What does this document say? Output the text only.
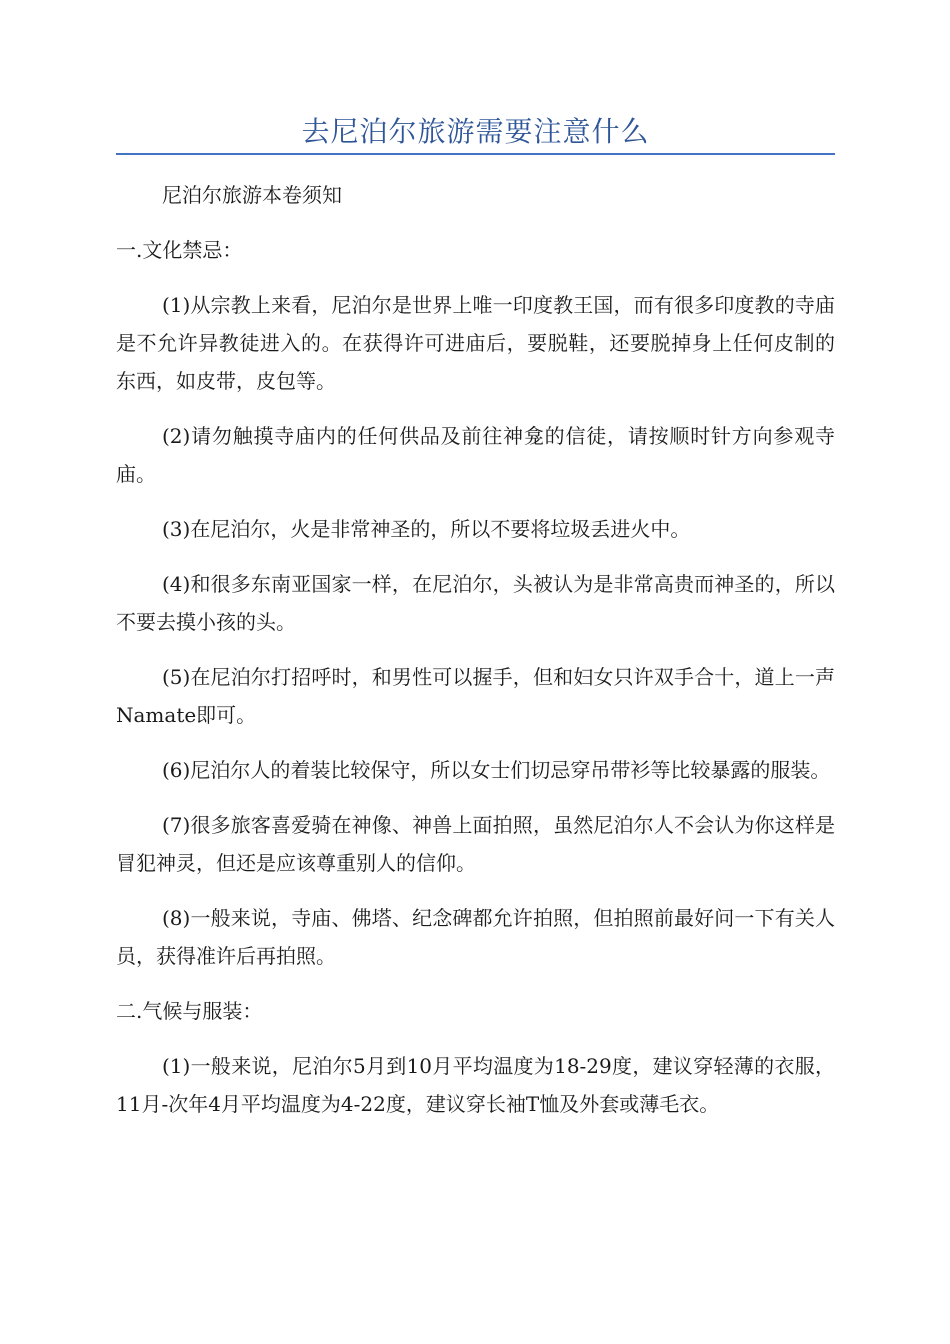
去尼泊尔旅游需要注意什么

尼泊尔旅游本卷须知

一.文化禁忌：

(1)从宗教上来看，尼泊尔是世界上唯一印度教王国，而有很多印度教的寺庙是不允许异教徒进入的。在获得许可进庙后，要脱鞋，还要脱掉身上任何皮制的东西，如皮带，皮包等。

(2)请勿触摸寺庙内的任何供品及前往神龛的信徒，请按顺时针方向参观寺庙。

(3)在尼泊尔，火是非常神圣的，所以不要将垃圾丢进火中。

(4)和很多东南亚国家一样，在尼泊尔，头被认为是非常高贵而神圣的，所以不要去摸小孩的头。

(5)在尼泊尔打招呼时，和男性可以握手，但和妇女只许双手合十，道上一声Namate即可。

(6)尼泊尔人的着装比较保守，所以女士们切忌穿吊带衫等比较暴露的服装。

(7)很多旅客喜爱骑在神像、神兽上面拍照，虽然尼泊尔人不会认为你这样是冒犯神灵，但还是应该尊重别人的信仰。

(8)一般来说，寺庙、佛塔、纪念碑都允许拍照，但拍照前最好问一下有关人员，获得准许后再拍照。

二.气候与服装：

(1)一般来说，尼泊尔5月到10月平均温度为18-29度，建议穿轻薄的衣服，11月-次年4月平均温度为4-22度，建议穿长袖T恤及外套或薄毛衣。
